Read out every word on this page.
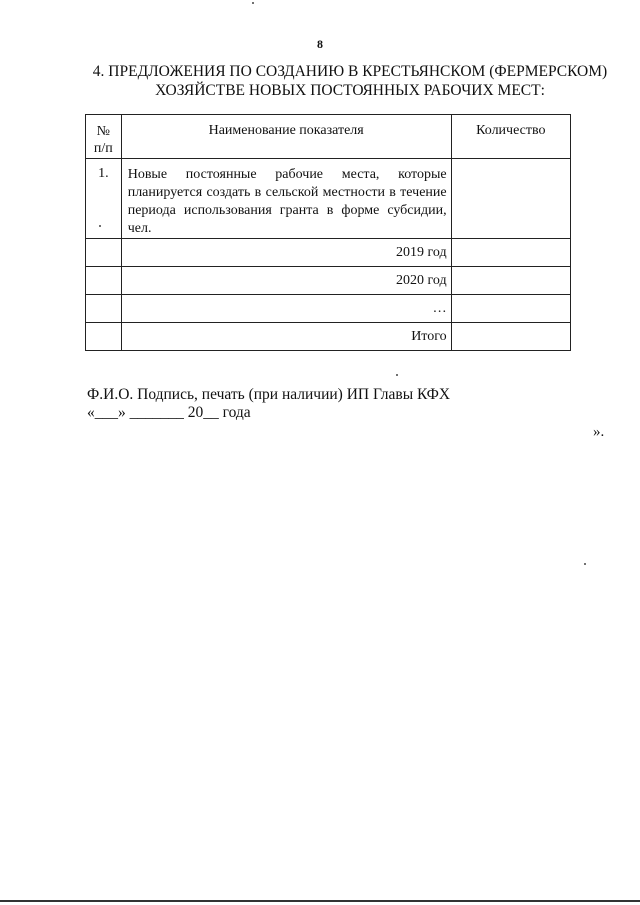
8
4. ПРЕДЛОЖЕНИЯ ПО СОЗДАНИЮ В КРЕСТЬЯНСКОМ (ФЕРМЕРСКОМ)
ХОЗЯЙСТВЕ НОВЫХ ПОСТОЯННЫХ РАБОЧИХ МЕСТ:
№
п/п	Наименование показателя	Количество
1.	Новые постоянные рабочие места, которые планируется создать в сельской местности в течение периода использования гранта в форме субсидии, чел.	
	2019 год	
	2020 год	
	…	
	Итого	
Ф.И.О. Подпись, печать (при наличии) ИП Главы КФХ
«___» _______ 20__ года
».
